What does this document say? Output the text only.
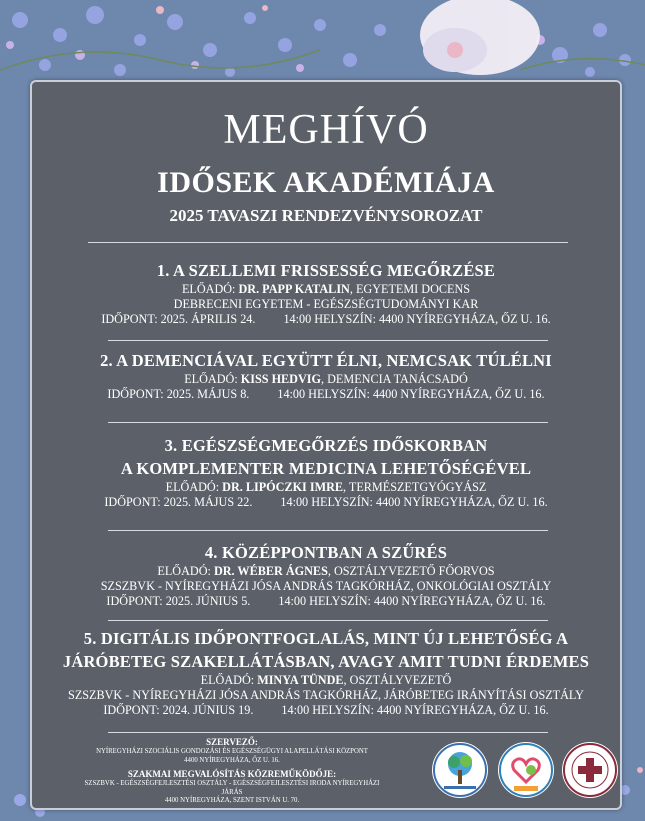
MEGHÍVÓ
IDŐSEK AKADÉMIÁJA
2025 TAVASZI RENDEZVÉNYSOROZAT
1. A SZELLEMI FRISSESSÉG MEGŐRZÉSE
ELŐADÓ: DR. PAPP KATALIN, EGYETEMI DOCENS
DEBRECENI EGYETEM - EGÉSZSÉGTUDOMÁNYI KAR
IDŐPONT: 2025. ÁPRILIS 24. 14:00 HELYSZÍN: 4400 NYÍREGYHÁZA, ŐZ U. 16.
2. A DEMENCIÁVAL EGYÜTT ÉLNI, NEMCSAK TÚLÉLNI
ELŐADÓ: KISS HEDVIG, DEMENCIA TANÁCSADÓ
IDŐPONT: 2025. MÁJUS 8. 14:00 HELYSZÍN: 4400 NYÍREGYHÁZA, ŐZ U. 16.
3. EGÉSZSÉGMEGŐRZÉS IDŐSKORBAN
A KOMPLEMENTER MEDICINA LEHETŐSÉGÉVEL
ELŐADÓ: DR. LIPÓCZKI IMRE, TERMÉSZETGYÓGYÁSZ
IDŐPONT: 2025. MÁJUS 22. 14:00 HELYSZÍN: 4400 NYÍREGYHÁZA, ŐZ U. 16.
4. KÖZÉPPONTBAN A SZŰRÉS
ELŐADÓ: DR. WÉBER ÁGNES, OSZTÁLYVEZETŐ FŐORVOS
SZSZBVK - NYÍREGYHÁZI JÓSA ANDRÁS TAGKÓRHÁZ, ONKOLÓGIAI OSZTÁLY
IDŐPONT: 2025. JÚNIUS 5. 14:00 HELYSZÍN: 4400 NYÍREGYHÁZA, ŐZ U. 16.
5. DIGITÁLIS IDŐPONTFOGLALÁS, MINT ÚJ LEHETŐSÉG A
JÁRÓBETEG SZAKELLÁTÁSBAN, AVAGY AMIT TUDNI ÉRDEMES
ELŐADÓ: MINYA TÜNDE, OSZTÁLYVEZETŐ
SZSZBVK - NYÍREGYHÁZI JÓSA ANDRÁS TAGKÓRHÁZ, JÁRÓBETEG IRÁNYÍTÁSI OSZTÁLY
IDŐPONT: 2024. JÚNIUS 19. 14:00 HELYSZÍN: 4400 NYÍREGYHÁZA, ŐZ U. 16.
SZERVEZŐ:
NYÍREGYHÁZI SZOCIÁLIS GONDOZÁSI ÉS EGÉSZSÉGÜGYI ALAPELLÁTÁSI KÖZPONT
4400 NYÍREGYHÁZA, ŐZ U. 16.
SZAKMAI MEGVALÓSÍTÁS KÖZREMŰKÖDŐJE:
SZSZBVK - EGÉSZSÉGFEJLESZTÉSI OSZTÁLY - EGÉSZSÉGFEJLESZTÉSI IRODA NYÍREGYHÁZI
JÁRÁS
4400 NYÍREGYHÁZA, SZENT ISTVÁN U. 70.
